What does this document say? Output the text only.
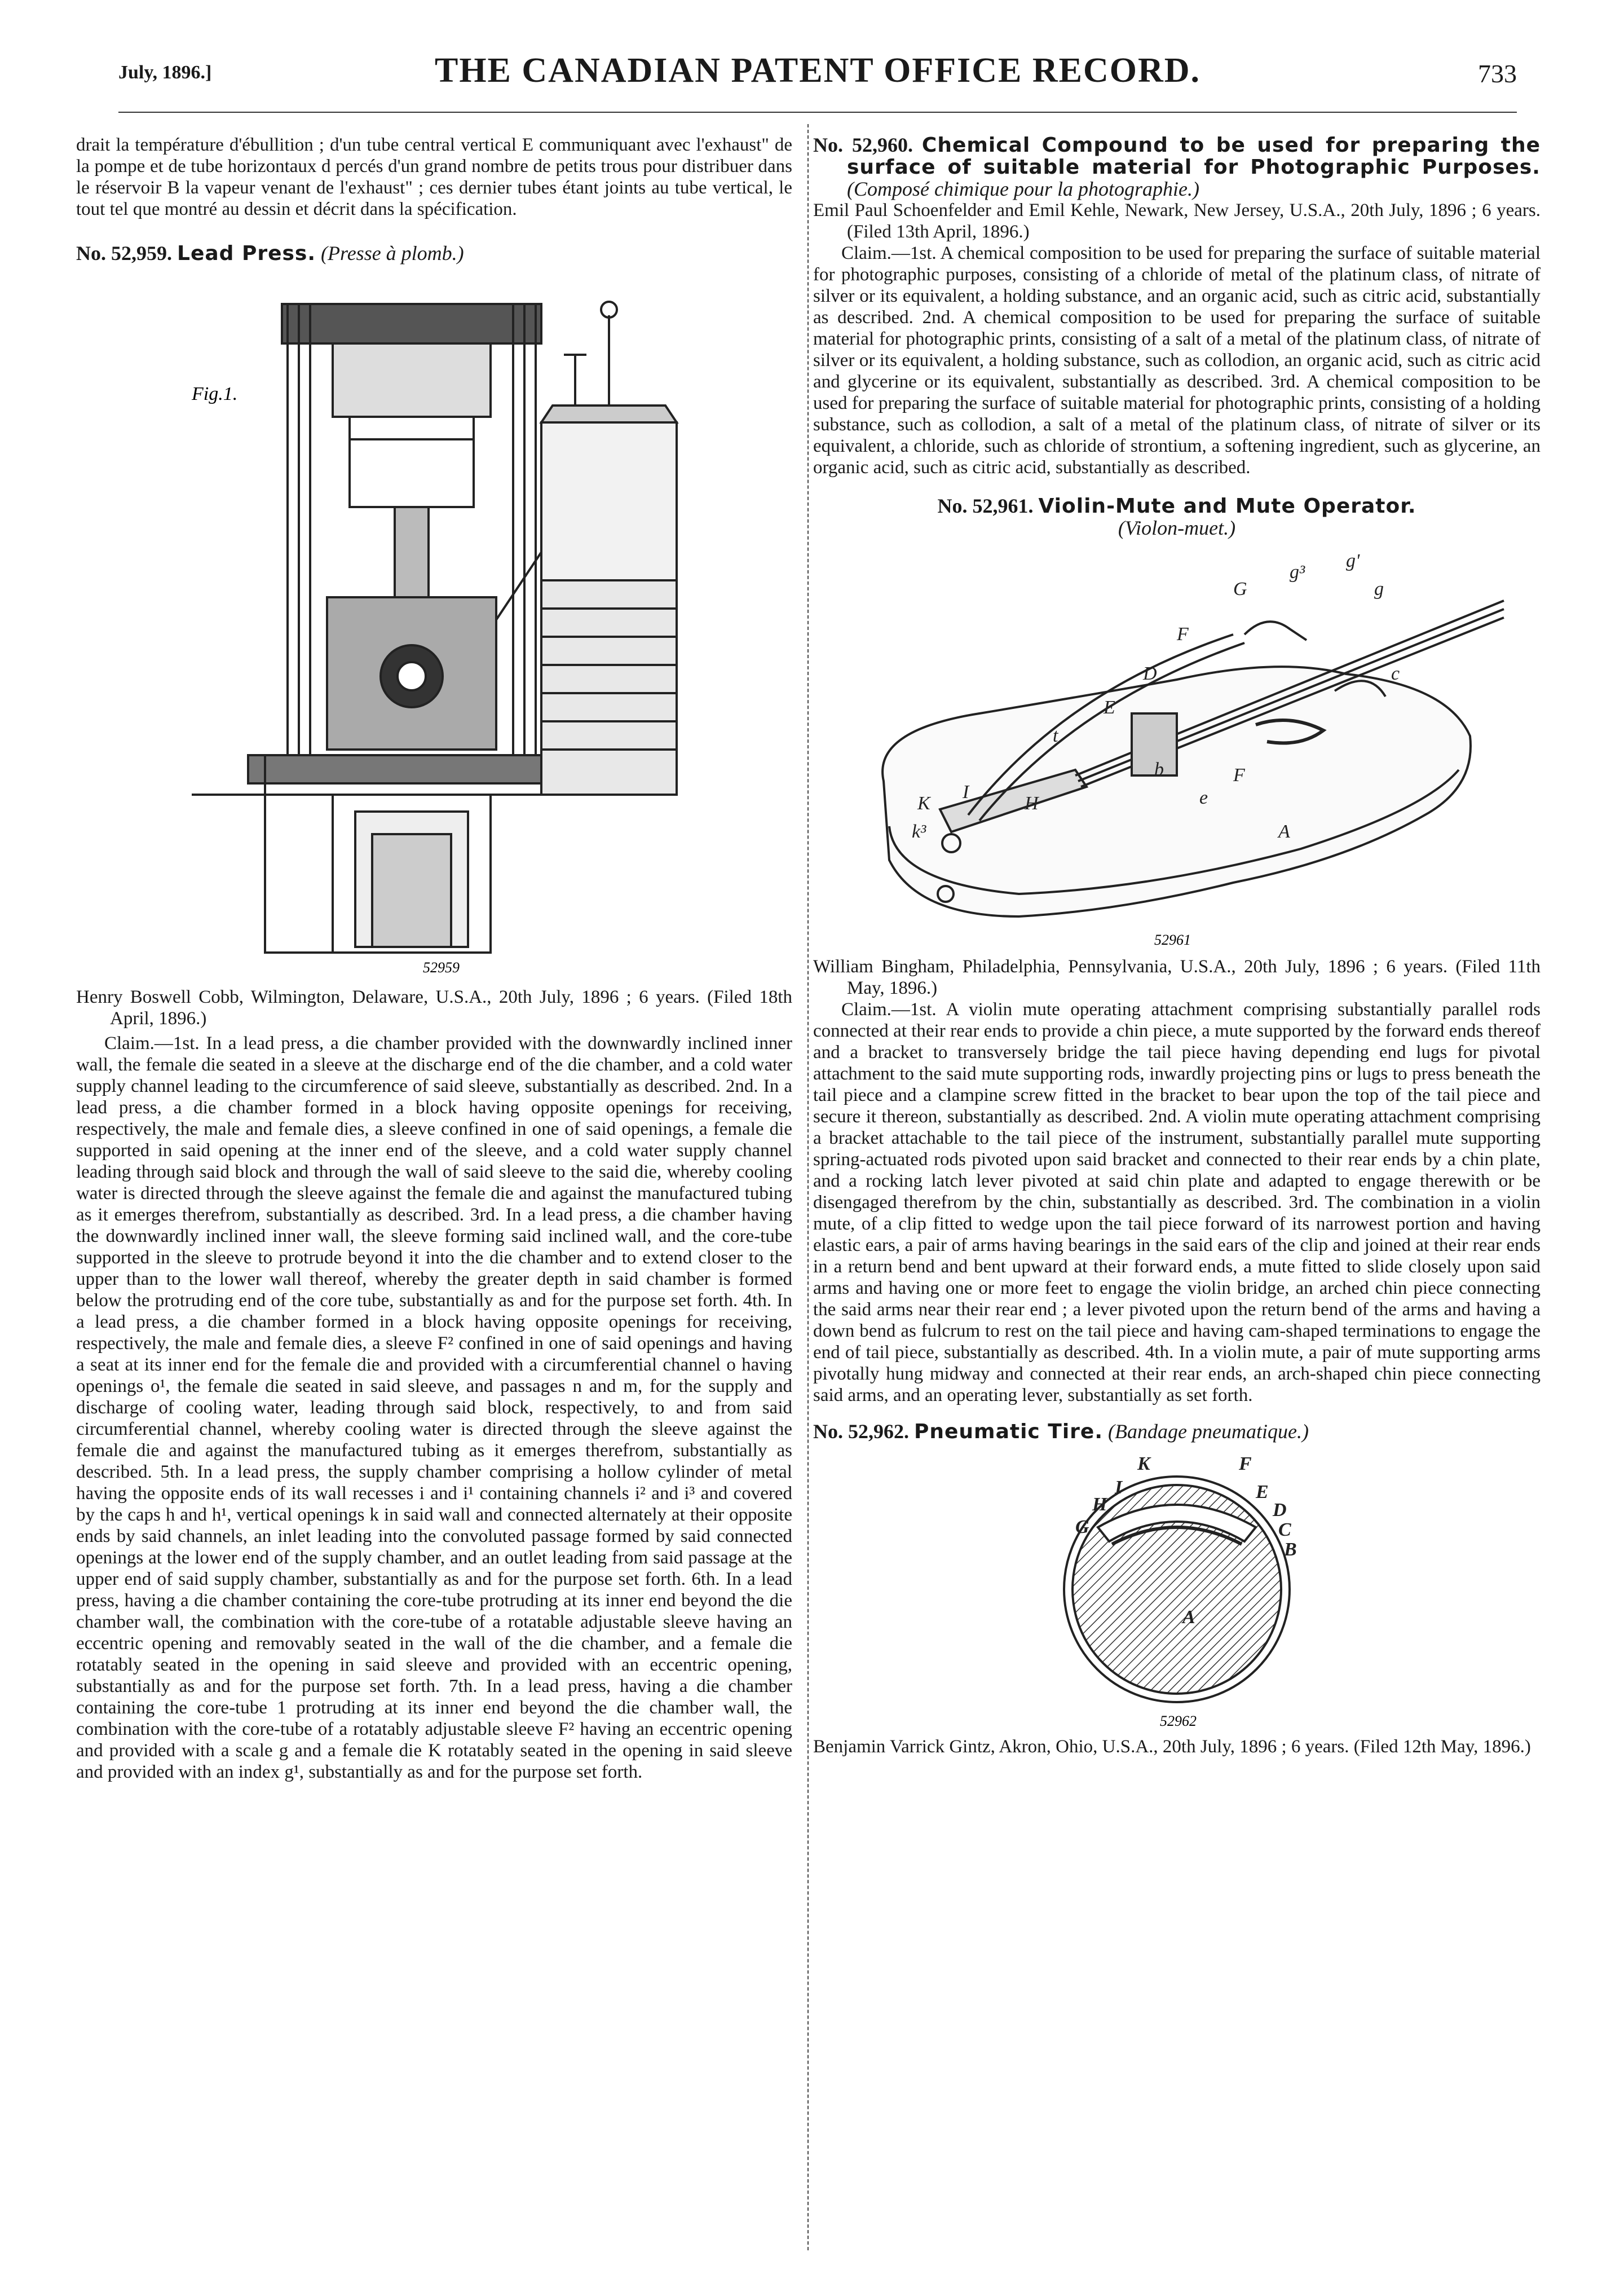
July, 1896.]	THE CANADIAN PATENT OFFICE RECORD.	733

drait la température d'ébullition ; d'un tube central vertical E communiquant avec l'exhaust" de la pompe et de tube horizontaux d percés d'un grand nombre de petits trous pour distribuer dans le réservoir B la vapeur venant de l'exhaust" ; ces dernier tubes étant joints au tube vertical, le tout tel que montré au dessin et décrit dans la spécification.

No. 52,959. Lead Press. (Presse à plomb.)

Fig.1.
52959

Henry Boswell Cobb, Wilmington, Delaware, U.S.A., 20th July, 1896 ; 6 years. (Filed 18th April, 1896.)

Claim.—1st. In a lead press, a die chamber provided with the downwardly inclined inner wall, the female die seated in a sleeve at the discharge end of the die chamber, and a cold water supply channel leading to the circumference of said sleeve, substantially as described. 2nd. In a lead press, a die chamber formed in a block having opposite openings for receiving, respectively, the male and female dies, a sleeve confined in one of said openings, a female die supported in said opening at the inner end of the sleeve, and a cold water supply channel leading through said block and through the wall of said sleeve to the said die, whereby cooling water is directed through the sleeve against the female die and against the manufactured tubing as it emerges therefrom, substantially as described. 3rd. In a lead press, a die chamber having the downwardly inclined inner wall, the sleeve forming said inclined wall, and the core-tube supported in the sleeve to protrude beyond it into the die chamber and to extend closer to the upper than to the lower wall thereof, whereby the greater depth in said chamber is formed below the protruding end of the core tube, substantially as and for the purpose set forth. 4th. In a lead press, a die chamber formed in a block having opposite openings for receiving, respectively, the male and female dies, a sleeve F² confined in one of said openings and having a seat at its inner end for the female die and provided with a circumferential channel o having openings o¹, the female die seated in said sleeve, and passages n and m, for the supply and discharge of cooling water, leading through said block, respectively, to and from said circumferential channel, whereby cooling water is directed through the sleeve against the female die and against the manufactured tubing as it emerges therefrom, substantially as described. 5th. In a lead press, the supply chamber comprising a hollow cylinder of metal having the opposite ends of its wall recesses i and i¹ containing channels i² and i³ and covered by the caps h and h¹, vertical openings k in said wall and connected alternately at their opposite ends by said channels, an inlet leading into the convoluted passage formed by said connected openings at the lower end of the supply chamber, and an outlet leading from said passage at the upper end of said supply chamber, substantially as and for the purpose set forth. 6th. In a lead press, having a die chamber containing the core-tube protruding at its inner end beyond the die chamber wall, the combination with the core-tube of a rotatable adjustable sleeve having an eccentric opening and removably seated in the wall of the die chamber, and a female die rotatably seated in the opening in said sleeve and provided with an eccentric opening, substantially as and for the purpose set forth. 7th. In a lead press, having a die chamber containing the core-tube 1 protruding at its inner end beyond the die chamber wall, the combination with the core-tube of a rotatably adjustable sleeve F² having an eccentric opening and provided with a scale g and a female die K rotatably seated in the opening in said sleeve and provided with an index g¹, substantially as and for the purpose set forth.

No. 52,960. Chemical Compound to be used for preparing the surface of suitable material for Photographic Purposes. (Composé chimique pour la photographie.)

Emil Paul Schoenfelder and Emil Kehle, Newark, New Jersey, U.S.A., 20th July, 1896 ; 6 years. (Filed 13th April, 1896.)

Claim.—1st. A chemical composition to be used for preparing the surface of suitable material for photographic purposes, consisting of a chloride of metal of the platinum class, of nitrate of silver or its equivalent, a holding substance, and an organic acid, such as citric acid, substantially as described. 2nd. A chemical composition to be used for preparing the surface of suitable material for photographic prints, consisting of a salt of a metal of the platinum class, of nitrate of silver or its equivalent, a holding substance, such as collodion, an organic acid, such as citric acid and glycerine or its equivalent, substantially as described. 3rd. A chemical composition to be used for preparing the surface of suitable material for photographic prints, consisting of a holding substance, such as collodion, a salt of a metal of the platinum class, of nitrate of silver or its equivalent, a chloride, such as chloride of strontium, a softening ingredient, such as glycerine, an organic acid, such as citric acid, substantially as described.

No. 52,961. Violin-Mute and Mute Operator.
(Violon-muet.)

G
g³
g'
g
F
D
E
c
t
b	F
e
A
K
I
H
k³
52961

William Bingham, Philadelphia, Pennsylvania, U.S.A., 20th July, 1896 ; 6 years. (Filed 11th May, 1896.)

Claim.—1st. A violin mute operating attachment comprising substantially parallel rods connected at their rear ends to provide a chin piece, a mute supported by the forward ends thereof and a bracket to transversely bridge the tail piece having depending end lugs for pivotal attachment to the said mute supporting rods, inwardly projecting pins or lugs to press beneath the tail piece and a clampine screw fitted in the bracket to bear upon the top of the tail piece and secure it thereon, substantially as described. 2nd. A violin mute operating attachment comprising a bracket attachable to the tail piece of the instrument, substantially parallel mute supporting spring-actuated rods pivoted upon said bracket and connected to their rear ends by a chin plate, and a rocking latch lever pivoted at said chin plate and adapted to engage therewith or be disengaged therefrom by the chin, substantially as described. 3rd. The combination in a violin mute, of a clip fitted to wedge upon the tail piece forward of its narrowest portion and having elastic ears, a pair of arms having bearings in the said ears of the clip and joined at their rear ends in a return bend and bent upward at their forward ends, a mute fitted to slide closely upon said arms and having one or more feet to engage the violin bridge, an arched chin piece connecting the said arms near their rear end ; a lever pivoted upon the return bend of the arms and having a down bend as fulcrum to rest on the tail piece and having cam-shaped terminations to engage the end of tail piece, substantially as described. 4th. In a violin mute, a pair of mute supporting arms pivotally hung midway and connected at their rear ends, an arch-shaped chin piece connecting said arms, and an operating lever, substantially as set forth.

No. 52,962. Pneumatic Tire. (Bandage pneumatique.)

K	F
I	E
H	D
G	C
B
A
52962

Benjamin Varrick Gintz, Akron, Ohio, U.S.A., 20th July, 1896 ; 6 years. (Filed 12th May, 1896.)
